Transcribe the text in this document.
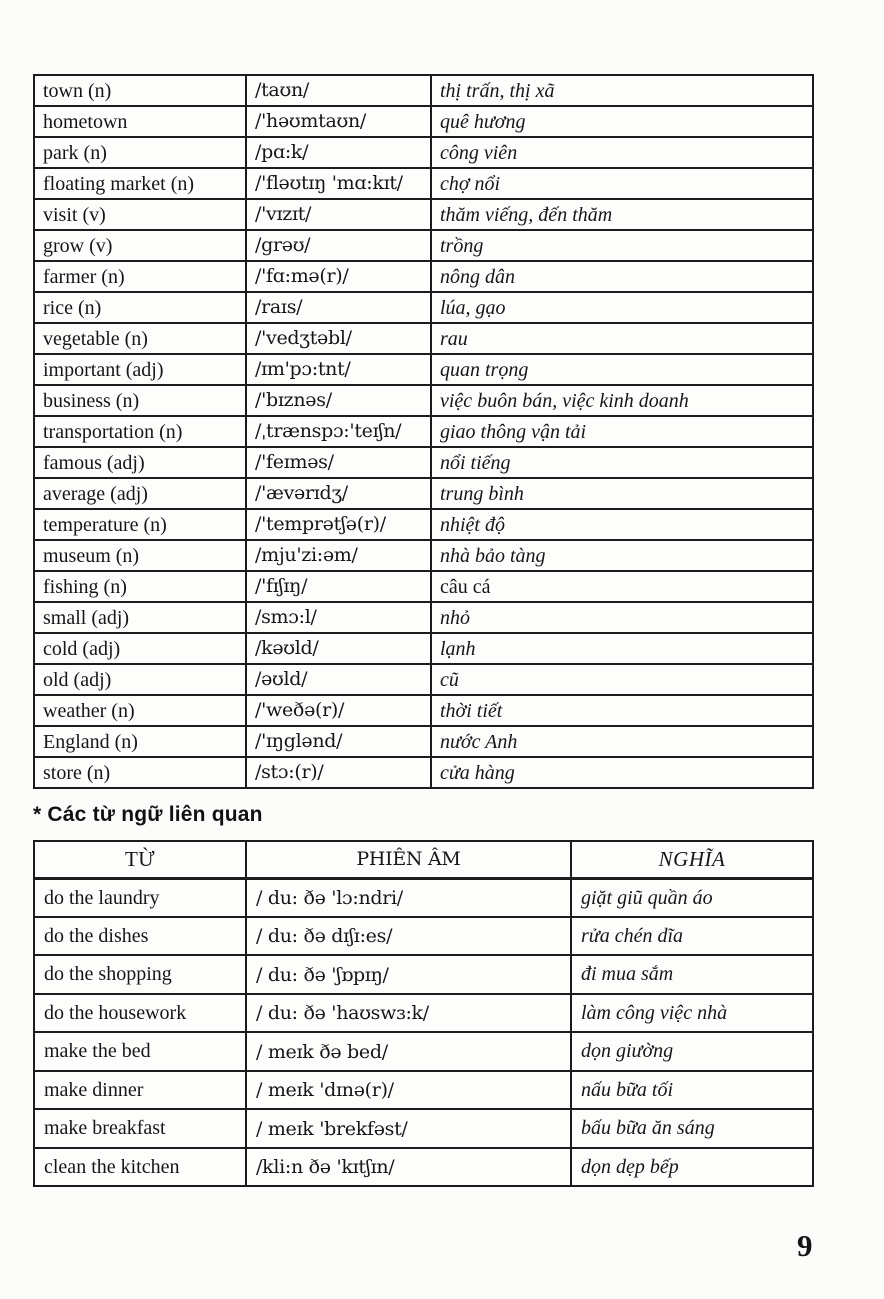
town (n)	/taʊn/	thị trấn, thị xã
hometown	/'həʊmtaʊn/	quê hương
park (n)	/pɑ:k/	công viên
floating market (n)	/'fləʊtɪŋ 'mɑ:kɪt/	chợ nổi
visit (v)	/'vɪzɪt/	thăm viếng, đến thăm
grow (v)	/grəʊ/	trồng
farmer (n)	/'fɑ:mə(r)/	nông dân
rice (n)	/raɪs/	lúa, gạo
vegetable (n)	/'vedʒtəbl/	rau
important (adj)	/ɪm'pɔ:tnt/	quan trọng
business (n)	/'bɪznəs/	việc buôn bán, việc kinh doanh
transportation (n)	/ˌtrænspɔ:'teɪʃn/	giao thông vận tải
famous (adj)	/'feɪməs/	nổi tiếng
average (adj)	/'ævərɪdʒ/	trung bình
temperature (n)	/'temprətʃə(r)/	nhiệt độ
museum (n)	/mju'zi:əm/	nhà bảo tàng
fishing (n)	/'fɪʃɪŋ/	câu cá
small (adj)	/smɔ:l/	nhỏ
cold (adj)	/kəʊld/	lạnh
old (adj)	/əʊld/	cũ
weather (n)	/'weðə(r)/	thời tiết
England (n)	/'ɪŋglənd/	nước Anh
store (n)	/stɔ:(r)/	cửa hàng
* Các từ ngữ liên quan
TỪ	PHIÊN ÂM	NGHĨA
do the laundry	/ du: ðə 'lɔ:ndri/	giặt giũ quần áo
do the dishes	/ du: ðə dɪʃɪ:es/	rửa chén dĩa
do the shopping	/ du: ðə 'ʃɒpɪŋ/	đi mua sắm
do the housework	/ du: ðə 'haʊswɜ:k/	làm công việc nhà
make the bed	/ meɪk ðə bed/	dọn giường
make dinner	/ meɪk 'dɪnə(r)/	nấu bữa tối
make breakfast	/ meɪk 'brekfəst/	bấu bữa ăn sáng
clean the kitchen	/kli:n ðə 'kɪtʃɪn/	dọn dẹp bếp
9
